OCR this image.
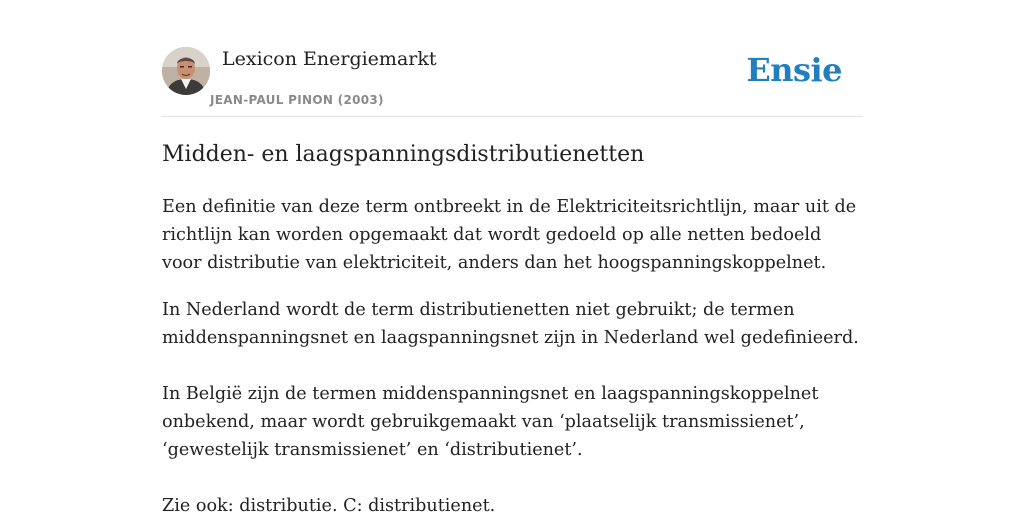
Lexicon Energiemarkt
JEAN-PAUL PINON (2003)
Ensie
Midden- en laagspanningsdistributienetten

Een definitie van deze term ontbreekt in de Elektriciteitsrichtlijn, maar uit de richtlijn kan worden opgemaakt dat wordt gedoeld op alle netten bedoeld voor distributie van elektriciteit, anders dan het hoogspanningskoppelnet.

In Nederland wordt de term distributienetten niet gebruikt; de termen middenspanningsnet en laagspanningsnet zijn in Nederland wel gedefinieerd.

In België zijn de termen middenspanningsnet en laagspanningskoppelnet onbekend, maar wordt gebruikgemaakt van ‘plaatselijk transmissienet’, ‘gewestelijk transmissienet’ en ‘distributienet’.

Zie ook: distributie. C: distributienet.
